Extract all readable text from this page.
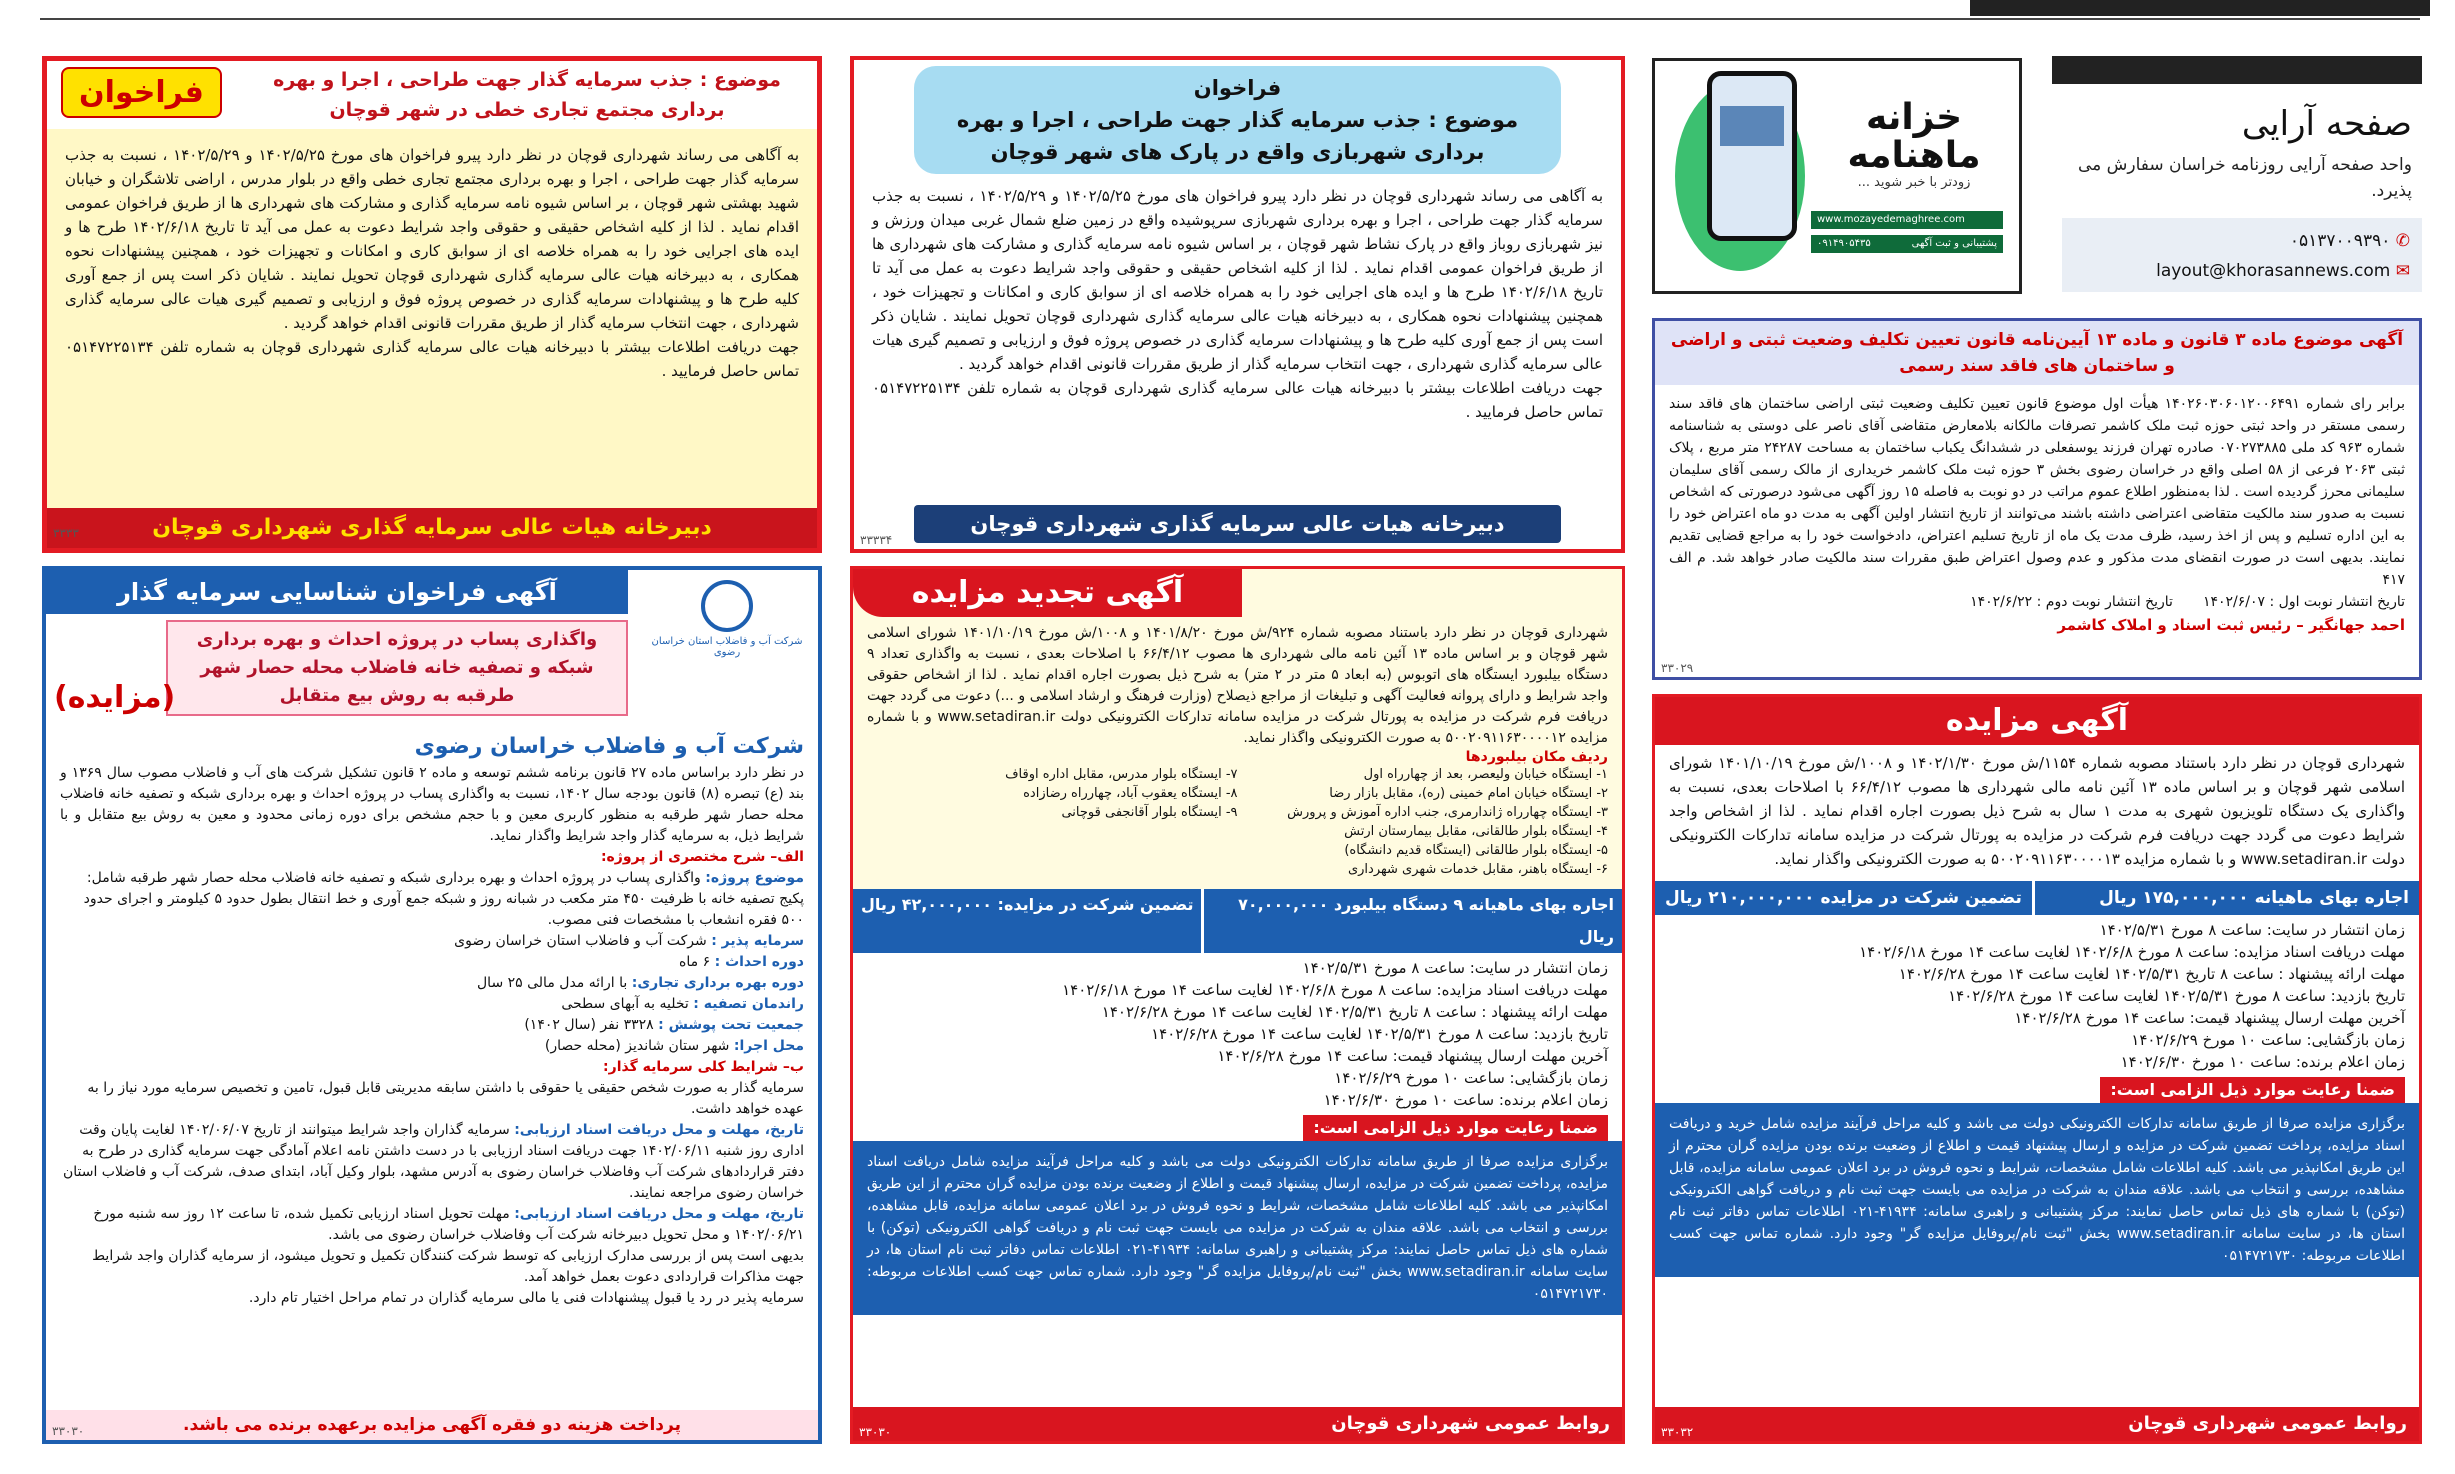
فراخوان	موضوع : جذب سرمایه گذار جهت طراحی ، اجرا و بهره برداری مجتمع تجاری خطی در شهر قوچان

به آگاهی می رساند شهرداری قوچان در نظر دارد پیرو فراخوان های مورخ ۱۴۰۲/۵/۲۵ و ۱۴۰۲/۵/۲۹ ، نسبت به جذب سرمایه گذار جهت طراحی ، اجرا و بهره برداری مجتمع تجاری خطی واقع در بلوار مدرس ، اراضی تلاشگران و خیابان شهید بهشتی شهر قوچان ، بر اساس شیوه نامه سرمایه گذاری و مشارکت های شهرداری ها از طریق فراخوان عمومی اقدام نماید . لذا از کلیه اشخاص حقیقی و حقوقی واجد شرایط دعوت به عمل می آید تا تاریخ ۱۴۰۲/۶/۱۸ طرح ها و ایده های اجرایی خود را به همراه خلاصه ای از سوابق کاری و امکانات و تجهیزات خود ، همچنین پیشنهادات نحوه همکاری ، به دبیرخانه هیات عالی سرمایه گذاری شهرداری قوچان تحویل نمایند . شایان ذکر است پس از جمع آوری کلیه طرح ها و پیشنهادات سرمایه گذاری در خصوص پروژه فوق و ارزیابی و تصمیم گیری هیات عالی سرمایه گذاری شهرداری ، جهت انتخاب سرمایه گذار از طریق مقررات قانونی اقدام خواهد گردید .

جهت دریافت اطلاعات بیشتر با دبیرخانه هیات عالی سرمایه گذاری شهرداری قوچان به شماره تلفن ۰۵۱۴۷۲۲۵۱۳۴ تماس حاصل فرمایید .

دبیرخانه هیات عالی سرمایه گذاری شهرداری قوچان
۳۳۳۳
فراخوان
موضوع : جذب سرمایه گذار جهت طراحی ، اجرا و بهره برداری شهربازی واقع در پارک های شهر قوچان

به آگاهی می رساند شهرداری قوچان در نظر دارد پیرو فراخوان های مورخ ۱۴۰۲/۵/۲۵ و ۱۴۰۲/۵/۲۹ ، نسبت به جذب سرمایه گذار جهت طراحی ، اجرا و بهره برداری شهربازی سرپوشیده واقع در زمین ضلع شمال غربی میدان ورزش و نیز شهربازی روباز واقع در پارک نشاط شهر قوچان ، بر اساس شیوه نامه سرمایه گذاری و مشارکت های شهرداری ها از طریق فراخوان عمومی اقدام نماید . لذا از کلیه اشخاص حقیقی و حقوقی واجد شرایط دعوت به عمل می آید تا تاریخ ۱۴۰۲/۶/۱۸ طرح ها و ایده های اجرایی خود را به همراه خلاصه ای از سوابق کاری و امکانات و تجهیزات خود ، همچنین پیشنهادات نحوه همکاری ، به دبیرخانه هیات عالی سرمایه گذاری شهرداری قوچان تحویل نمایند . شایان ذکر است پس از جمع آوری کلیه طرح ها و پیشنهادات سرمایه گذاری در خصوص پروژه فوق و ارزیابی و تصمیم گیری هیات عالی سرمایه گذاری شهرداری ، جهت انتخاب سرمایه گذار از طریق مقررات قانونی اقدام خواهد گردید .

جهت دریافت اطلاعات بیشتر با دبیرخانه هیات عالی سرمایه گذاری شهرداری قوچان به شماره تلفن ۰۵۱۴۷۲۲۵۱۳۴ تماس حاصل فرمایید .

دبیرخانه هیات عالی سرمایه گذاری شهرداری قوچان
۳۳۳۳۴
خزانه ماهنامه
زودتر با خبر شوید ...
www.mozayedemaghree.com
پشتیبانی و ثبت آگهی
۰۹۱۴۹۰۵۴۳۵
صفحه آرایی
واحد صفحه آرایی روزنامه خراسان سفارش می پذیرد.
۰۵۱۳۷۰۰۹۳۹۰ ✆
layout@khorasannews.com ✉
آگهی موضوع ماده ۳ قانون و ماده ۱۳ آیین‌نامه قانون تعیین تکلیف وضعیت ثبتی و اراضی و ساختمان های فاقد سند رسمی

برابر رای شماره ۱۴۰۲۶۰۳۰۶۰۱۲۰۰۶۴۹۱ هیأت اول موضوع قانون تعیین تکلیف وضعیت ثبتی اراضی ساختمان های فاقد سند رسمی مستقر در واحد ثبتی حوزه ثبت ملک کاشمر تصرفات مالکانه بلامعارض متقاضی آقای ناصر علی دوستی به شناسنامه شماره ۹۶۳ کد ملی ۰۷۰۲۷۳۸۸۵ صادره تهران فرزند یوسفعلی در ششدانگ یکباب ساختمان به مساحت ۲۴۲۸۷ متر مربع ، پلاک ثبتی ۲۰۶۳ فرعی از ۵۸ اصلی واقع در خراسان رضوی بخش ۳ حوزه ثبت ملک کاشمر خریداری از مالک رسمی آقای سلیمان سلیمانی محرز گردیده است . لذا به‌منظور اطلاع عموم مراتب در دو نوبت به فاصله ۱۵ روز آگهی می‌شود درصورتی که اشخاص نسبت به صدور سند مالکیت متقاضی اعتراضی داشته باشند می‌توانند از تاریخ انتشار اولین آگهی به مدت دو ماه اعتراض خود را به این اداره تسلیم و پس از اخذ رسید، ظرف مدت یک ماه از تاریخ تسلیم اعتراض، دادخواست خود را به مراجع قضایی تقدیم نمایند. بدیهی است در صورت انقضای مدت مذکور و عدم وصول اعتراض طبق مقررات سند مالکیت صادر خواهد شد. م الف ۴۱۷

تاریخ انتشار نوبت اول : ۱۴۰۲/۶/۰۷
تاریخ انتشار نوبت دوم : ۱۴۰۲/۶/۲۲
احمد جهانگیر – رئیس ثبت اسناد و املاک کاشمر
۳۳۰۲۹
شرکت آب و فاضلاب استان خراسان رضوی
آگهی فراخوان شناسایی سرمایه گذار
واگذاری پساب در پروژه احداث و بهره برداری شبکه و تصفیه خانه فاضلاب محله حصار شهر طرقبه به روش بیع متقابل
(مزایده)
شرکت آب و فاضلاب خراسان رضوی

در نظر دارد براساس ماده ۲۷ قانون برنامه ششم توسعه و ماده ۲ قانون تشکیل شرکت های آب و فاضلاب مصوب سال ۱۳۶۹ و بند (ع) تبصره (۸) قانون بودجه سال ۱۴۰۲، نسبت به واگذاری پساب در پروژه احداث و بهره برداری شبکه و تصفیه خانه فاضلاب محله حصار شهر طرقبه به منظور کاربری معین و با حجم مشخص برای دوره زمانی محدود و معین به روش بیع متقابل و با شرایط ذیل، به سرمایه گذار واجد شرایط واگذار نماید.

الف– شرح مختصری از پروژه:
موضوع پروژه: واگذاری پساب در پروژه احداث و بهره برداری شبکه و تصفیه خانه فاضلاب محله حصار شهر طرقبه شامل: پکیج تصفیه خانه با ظرفیت ۴۵۰ متر مکعب در شبانه روز و شبکه جمع آوری و خط انتقال بطول حدود ۵ کیلومتر و اجرای حدود ۵۰۰ فقره انشعاب با مشخصات فنی مصوب.
سرمایه پذیر : شرکت آب و فاضلاب استان خراسان رضوی
دوره احداث : ۶ ماه
دوره بهره برداری تجاری: با ارائه مدل مالی ۲۵ سال
راندمان تصفیه : تخلیه به آبهای سطحی
جمعیت تحت پوشش : ۳۳۲۸ نفر (سال ۱۴۰۲)
محل اجرا: شهر ستان شاندیز (محله حصار)
ب– شرایط کلی سرمایه گذار:
سرمایه گذار به صورت شخص حقیقی یا حقوقی با داشتن سابقه مدیریتی قابل قبول، تامین و تخصیص سرمایه مورد نیاز را به عهده خواهد داشت.
تاریخ، مهلت و محل دریافت اسناد ارزیابی: سرمایه گذاران واجد شرایط میتوانند از تاریخ ۱۴۰۲/۰۶/۰۷ لغایت پایان وقت اداری روز شنبه ۱۴۰۲/۰۶/۱۱ جهت دریافت اسناد ارزیابی با در دست داشتن نامه اعلام آمادگی جهت سرمایه گذاری در طرح به دفتر قراردادهای شرکت آب وفاضلاب خراسان رضوی به آدرس مشهد، بلوار وکیل آباد، ابتدای صدف، شرکت آب و فاضلاب استان خراسان رضوی مراجعه نمایند.
تاریخ، مهلت و محل دریافت اسناد ارزیابی: مهلت تحویل اسناد ارزیابی تکمیل شده، تا ساعت ۱۲ روز سه شنبه مورخ ۱۴۰۲/۰۶/۲۱ و محل تحویل دبیرخانه شرکت آب وفاضلاب خراسان رضوی می باشد.
بدیهی است پس از بررسی مدارک ارزیابی که توسط شرکت کنندگان تکمیل و تحویل میشود، از سرمایه گذاران واجد شرایط جهت مذاکرات قراردادی دعوت بعمل خواهد آمد.
سرمایه پذیر در رد یا قبول پیشنهادات فنی یا مالی سرمایه گذاران در تمام مراحل اختیار تام دارد.
پرداخت هزینه دو فقره آگهی مزایده برعهده برنده می باشد.
۳۳۰۳۰
آگهی تجدید مزایده

شهرداری قوچان در نظر دارد باستناد مصوبه شماره ۹۲۴/ش مورخ ۱۴۰۱/۸/۲۰ و ۱۰۰۸/ش مورخ ۱۴۰۱/۱۰/۱۹ شورای اسلامی شهر قوچان و بر اساس ماده ۱۳ آئین نامه مالی شهرداری ها مصوب ۶۶/۴/۱۲ با اصلاحات بعدی ، نسبت به واگذاری تعداد ۹ دستگاه بیلبورد ایستگاه های اتوبوس (به ابعاد ۵ متر در ۲ متر) به شرح ذیل بصورت اجاره اقدام نماید . لذا از اشخاص حقوقی واجد شرایط و دارای پروانه فعالیت آگهی و تبلیغات از مراجع ذیصلاح (وزارت فرهنگ و ارشاد اسلامی و ...) دعوت می گردد جهت دریافت فرم شرکت در مزایده به پورتال شرکت در مزایده سامانه تدارکات الکترونیکی دولت www.setadiran.ir و با شماره مزایده ۵۰۰۲۰۹۱۱۶۳۰۰۰۰۱۲ به صورت الکترونیکی واگذار نماید.

ردیف مکان بیلبوردها
۱- ایستگاه خیابان ولیعصر، بعد از چهارراه اول
۲- ایستگاه خیابان امام خمینی (ره)، مقابل بازار رضا
۳- ایستگاه چهارراه ژاندارمری، جنب اداره آموزش و پرورش
۴- ایستگاه بلوار طالقانی، مقابل بیمارستان ارتش
۵- ایستگاه بلوار طالقانی (ایستگاه قدیم دانشگاه)
۶- ایستگاه باهنر، مقابل خدمات شهری شهرداری
۷- ایستگاه بلوار مدرس، مقابل اداره اوقاف
۸- ایستگاه یعقوب آباد، چهارراه رضازاده
۹- ایستگاه بلوار آقانجفی قوچانی
اجاره بهای ماهیانه ۹ دستگاه بیلبورد ۷۰,۰۰۰,۰۰۰ ریال
تضمین شرکت در مزایده: ۴۲,۰۰۰,۰۰۰ ریال
زمان انتشار در سایت: ساعت ۸ مورخ ۱۴۰۲/۵/۳۱
مهلت دریافت اسناد مزایده: ساعت ۸ مورخ ۱۴۰۲/۶/۸ لغایت ساعت ۱۴ مورخ ۱۴۰۲/۶/۱۸
مهلت ارائه پیشنهاد : ساعت ۸ تاریخ ۱۴۰۲/۵/۳۱ لغایت ساعت ۱۴ مورخ ۱۴۰۲/۶/۲۸
تاریخ بازدید: ساعت ۸ مورخ ۱۴۰۲/۵/۳۱ لغایت ساعت ۱۴ مورخ ۱۴۰۲/۶/۲۸
آخرین مهلت ارسال پیشنهاد قیمت: ساعت ۱۴ مورخ ۱۴۰۲/۶/۲۸
زمان بازگشایی: ساعت ۱۰ مورخ ۱۴۰۲/۶/۲۹
زمان اعلام برنده: ساعت ۱۰ مورخ ۱۴۰۲/۶/۳۰
ضمنا رعایت موارد ذیل الزامی است:

برگزاری مزایده صرفا از طریق سامانه تدارکات الکترونیکی دولت می باشد و کلیه مراحل فرآیند مزایده شامل دریافت اسناد مزایده، پرداخت تضمین شرکت در مزایده، ارسال پیشنهاد قیمت و اطلاع از وضعیت برنده بودن مزایده گران محترم از این طریق امکانپذیر می باشد. کلیه اطلاعات شامل مشخصات، شرایط و نحوه فروش در برد اعلان عمومی سامانه مزایده، قابل مشاهده، بررسی و انتخاب می باشد. علاقه مندان به شرکت در مزایده می بایست جهت ثبت نام و دریافت گواهی الکترونیکی (توکن) با شماره های ذیل تماس حاصل نمایند: مرکز پشتیبانی و راهبری سامانه: ۴۱۹۳۴-۰۲۱ اطلاعات تماس دفاتر ثبت نام استان ها، در سایت سامانه www.setadiran.ir بخش "ثبت نام/پروفایل مزایده گر" وجود دارد. شماره تماس جهت کسب اطلاعات مربوطه: ۰۵۱۴۷۲۱۷۳۰

روابط عمومی شهرداری قوچان
۳۳۰۳۰
آگهی مزایده

شهرداری قوچان در نظر دارد باستناد مصوبه شماره ۱۱۵۴/ش مورخ ۱۴۰۲/۱/۳۰ و ۱۰۰۸/ش مورخ ۱۴۰۱/۱۰/۱۹ شورای اسلامی شهر قوچان و بر اساس ماده ۱۳ آئین نامه مالی شهرداری ها مصوب ۶۶/۴/۱۲ با اصلاحات بعدی، نسبت به واگذاری یک دستگاه تلویزیون شهری به مدت ۱ سال به شرح ذیل بصورت اجاره اقدام نماید . لذا از اشخاص واجد شرایط دعوت می گردد جهت دریافت فرم شرکت در مزایده به پورتال شرکت در مزایده سامانه تدارکات الکترونیکی دولت www.setadiran.ir و با شماره مزایده ۵۰۰۲۰۹۱۱۶۳۰۰۰۰۱۳ به صورت الکترونیکی واگذار نماید.

اجاره بهای ماهیانه ۱۷۵,۰۰۰,۰۰۰ ریال
تضمین شرکت در مزایده ۲۱۰,۰۰۰,۰۰۰ ریال
زمان انتشار در سایت: ساعت ۸ مورخ ۱۴۰۲/۵/۳۱
مهلت دریافت اسناد مزایده: ساعت ۸ مورخ ۱۴۰۲/۶/۸ لغایت ساعت ۱۴ مورخ ۱۴۰۲/۶/۱۸
مهلت ارائه پیشنهاد : ساعت ۸ تاریخ ۱۴۰۲/۵/۳۱ لغایت ساعت ۱۴ مورخ ۱۴۰۲/۶/۲۸
تاریخ بازدید: ساعت ۸ مورخ ۱۴۰۲/۵/۳۱ لغایت ساعت ۱۴ مورخ ۱۴۰۲/۶/۲۸
آخرین مهلت ارسال پیشنهاد قیمت: ساعت ۱۴ مورخ ۱۴۰۲/۶/۲۸
زمان بازگشایی: ساعت ۱۰ مورخ ۱۴۰۲/۶/۲۹
زمان اعلام برنده: ساعت ۱۰ مورخ ۱۴۰۲/۶/۳۰
ضمنا رعایت موارد ذیل الزامی است:

برگزاری مزایده صرفا از طریق سامانه تدارکات الکترونیکی دولت می باشد و کلیه مراحل فرآیند مزایده شامل خرید و دریافت اسناد مزایده، پرداخت تضمین شرکت در مزایده و ارسال پیشنهاد قیمت و اطلاع از وضعیت برنده بودن مزایده گران محترم از این طریق امکانپذیر می باشد. کلیه اطلاعات شامل مشخصات، شرایط و نحوه فروش در برد اعلان عمومی سامانه مزایده، قابل مشاهده، بررسی و انتخاب می باشد. علاقه مندان به شرکت در مزایده می بایست جهت ثبت نام و دریافت گواهی الکترونیکی (توکن) با شماره های ذیل تماس حاصل نمایند: مرکز پشتیبانی و راهبری سامانه: ۴۱۹۳۴-۰۲۱ اطلاعات تماس دفاتر ثبت نام استان ها، در سایت سامانه www.setadiran.ir بخش "ثبت نام/پروفایل مزایده گر" وجود دارد. شماره تماس جهت کسب اطلاعات مربوطه: ۰۵۱۴۷۲۱۷۳۰

روابط عمومی شهرداری قوچان
۳۳۰۳۲
